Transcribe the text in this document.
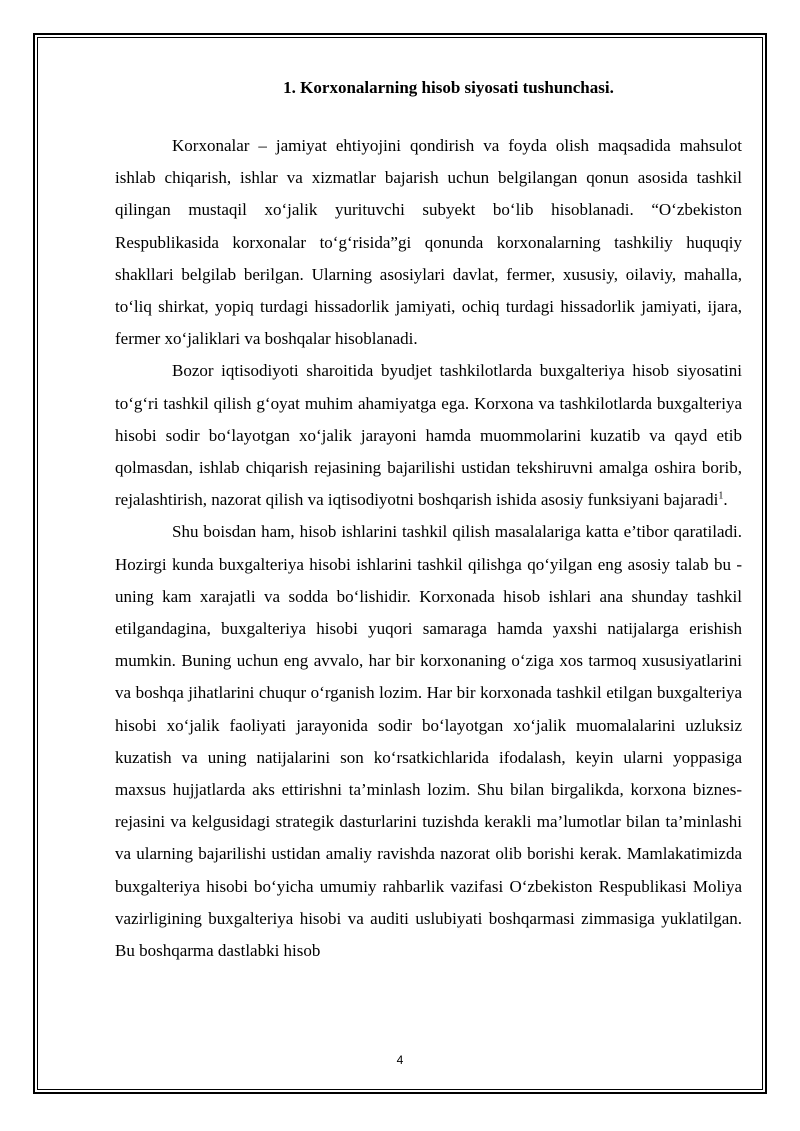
1. Korxonalarning hisob siyosati tushunchasi.

Korxonalar – jamiyat ehtiyojini qondirish va foyda olish maqsadida mahsulot ishlab chiqarish, ishlar va xizmatlar bajarish uchun belgilangan qonun asosida tashkil qilingan mustaqil xo‘jalik yurituvchi subyekt bo‘lib hisoblanadi. “O‘zbekiston Respublikasida korxonalar to‘g‘risida”gi qonunda korxonalarning tashkiliy huquqiy shakllari belgilab berilgan. Ularning asosiylari davlat, fermer, xususiy, oilaviy, mahalla, to‘liq shirkat, yopiq turdagi hissadorlik jamiyati, ochiq turdagi hissadorlik jamiyati, ijara, fermer xo‘jaliklari va boshqalar hisoblanadi.

Bozor iqtisodiyoti sharoitida byudjet tashkilotlarda buxgalteriya hisob siyosatini to‘g‘ri tashkil qilish g‘oyat muhim ahamiyatga ega. Korxona va tashkilotlarda buxgalteriya hisobi sodir bo‘layotgan xo‘jalik jarayoni hamda muommolarini kuzatib va qayd etib qolmasdan, ishlab chiqarish rejasining bajarilishi ustidan tekshiruvni amalga oshira borib, rejalashtirish, nazorat qilish va iqtisodiyotni boshqarish ishida asosiy funksiyani bajaradi$^1$.

Shu boisdan ham, hisob ishlarini tashkil qilish masalalariga katta e’tibor qaratiladi. Hozirgi kunda buxgalteriya hisobi ishlarini tashkil qilishga qo‘yilgan eng asosiy talab bu - uning kam xarajatli va sodda bo‘lishidir. Korxonada hisob ishlari ana shunday tashkil etilgandagina, buxgalteriya hisobi yuqori samaraga hamda yaxshi natijalarga erishish mumkin. Buning uchun eng avvalo, har bir korxonaning o‘ziga xos tarmoq xususiyatlarini va boshqa jihatlarini chuqur o‘rganish lozim. Har bir korxonada tashkil etilgan buxgalteriya hisobi xo‘jalik faoliyati jarayonida sodir bo‘layotgan xo‘jalik muomalalarini uzluksiz kuzatish va uning natijalarini son ko‘rsatkichlarida ifodalash, keyin ularni yoppasiga maxsus hujjatlarda aks ettirishni ta’minlash lozim. Shu bilan birgalikda, korxona biznes-rejasini va kelgusidagi strategik dasturlarini tuzishda kerakli ma’lumotlar bilan ta’minlashi va ularning bajarilishi ustidan amaliy ravishda nazorat olib borishi kerak. Mamlakatimizda buxgalteriya hisobi bo‘yicha umumiy rahbarlik vazifasi O‘zbekiston Respublikasi Moliya vazirligining buxgalteriya hisobi va auditi uslubiyati boshqarmasi zimmasiga yuklatilgan. Bu boshqarma dastlabki hisob

4
